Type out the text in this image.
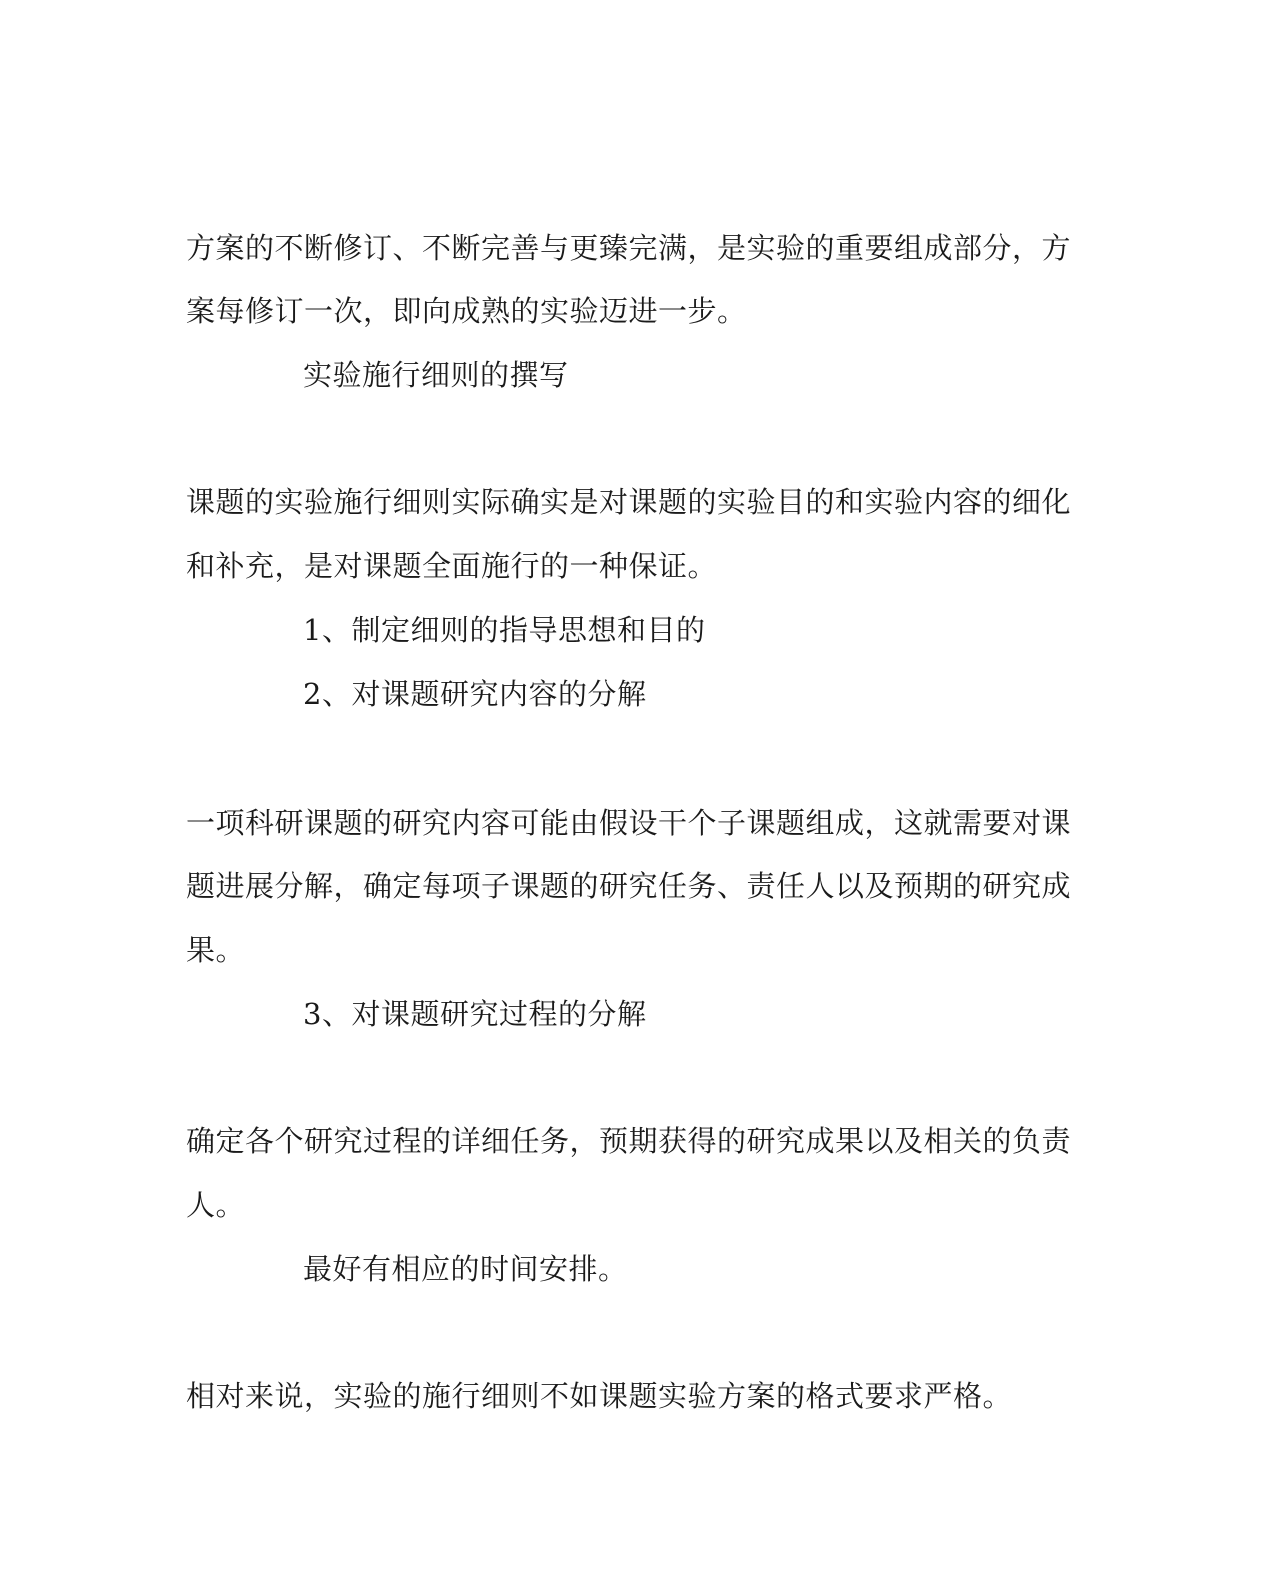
方案的不断修订、不断完善与更臻完满，是实验的重要组成部分，方
案每修订一次，即向成熟的实验迈进一步。
实验施行细则的撰写
课题的实验施行细则实际确实是对课题的实验目的和实验内容的细化
和补充，是对课题全面施行的一种保证。
1、制定细则的指导思想和目的
2、对课题研究内容的分解
一项科研课题的研究内容可能由假设干个子课题组成，这就需要对课
题进展分解，确定每项子课题的研究任务、责任人以及预期的研究成
果。
3、对课题研究过程的分解
确定各个研究过程的详细任务，预期获得的研究成果以及相关的负责
人。
最好有相应的时间安排。
相对来说，实验的施行细则不如课题实验方案的格式要求严格。
